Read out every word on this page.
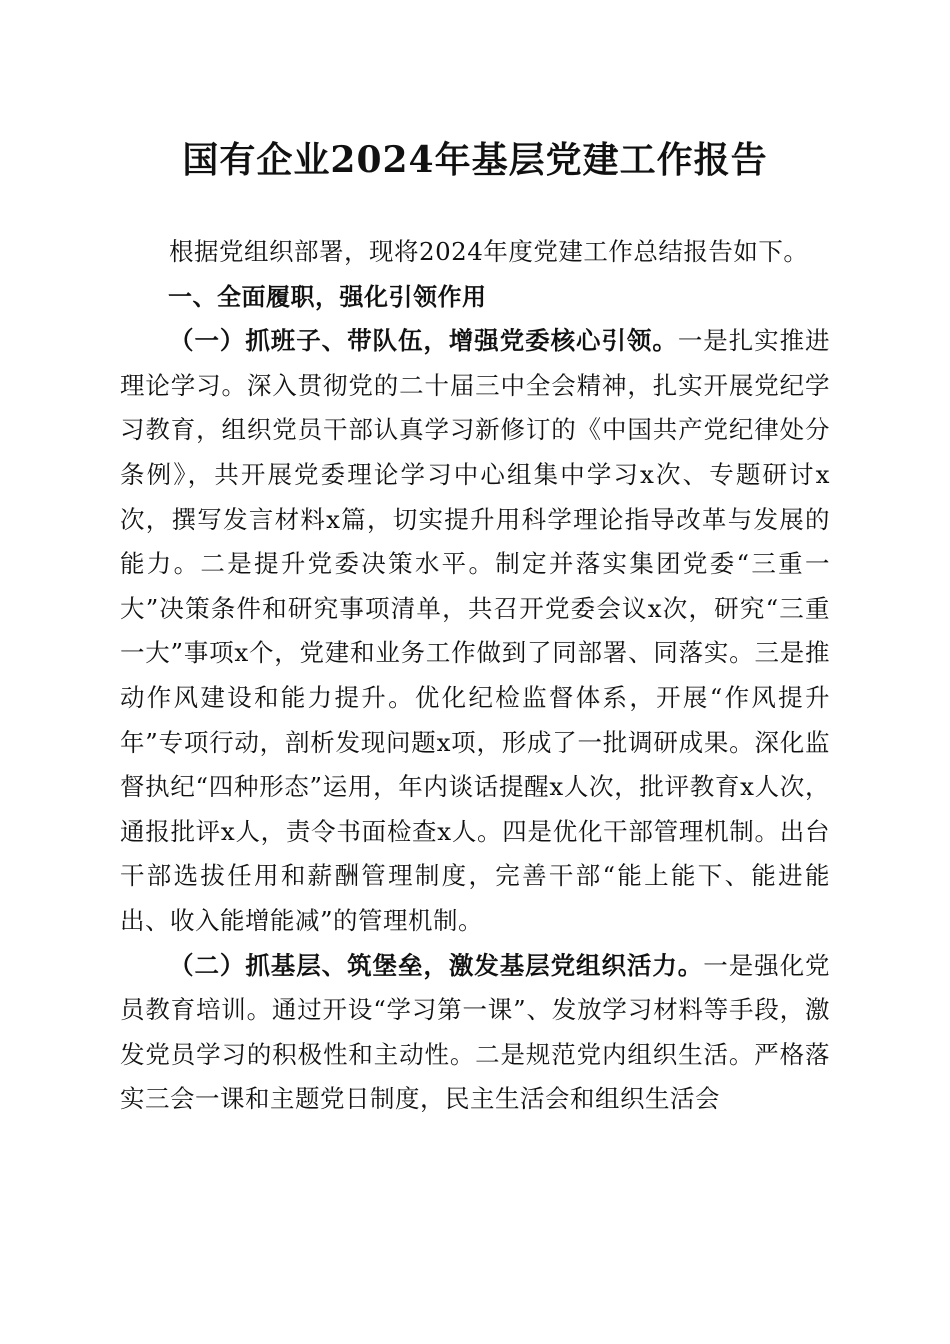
国有企业2024年基层党建工作报告

根据党组织部署，现将2024年度党建工作总结报告如下。

一、全面履职，强化引领作用

（一）抓班子、带队伍，增强党委核心引领。一是扎实推进理论学习。深入贯彻党的二十届三中全会精神，扎实开展党纪学习教育，组织党员干部认真学习新修订的《中国共产党纪律处分条例》，共开展党委理论学习中心组集中学习x次、专题研讨x次，撰写发言材料x篇，切实提升用科学理论指导改革与发展的能力。二是提升党委决策水平。制定并落实集团党委“三重一大”决策条件和研究事项清单，共召开党委会议x次，研究“三重一大”事项x个，党建和业务工作做到了同部署、同落实。三是推动作风建设和能力提升。优化纪检监督体系，开展“作风提升年”专项行动，剖析发现问题x项，形成了一批调研成果。深化监督执纪“四种形态”运用，年内谈话提醒x人次，批评教育x人次，通报批评x人，责令书面检查x人。四是优化干部管理机制。出台干部选拔任用和薪酬管理制度，完善干部“能上能下、能进能出、收入能增能减”的管理机制。

（二）抓基层、筑堡垒，激发基层党组织活力。一是强化党员教育培训。通过开设“学习第一课”、发放学习材料等手段，激发党员学习的积极性和主动性。二是规范党内组织生活。严格落实三会一课和主题党日制度，民主生活会和组织生活会
